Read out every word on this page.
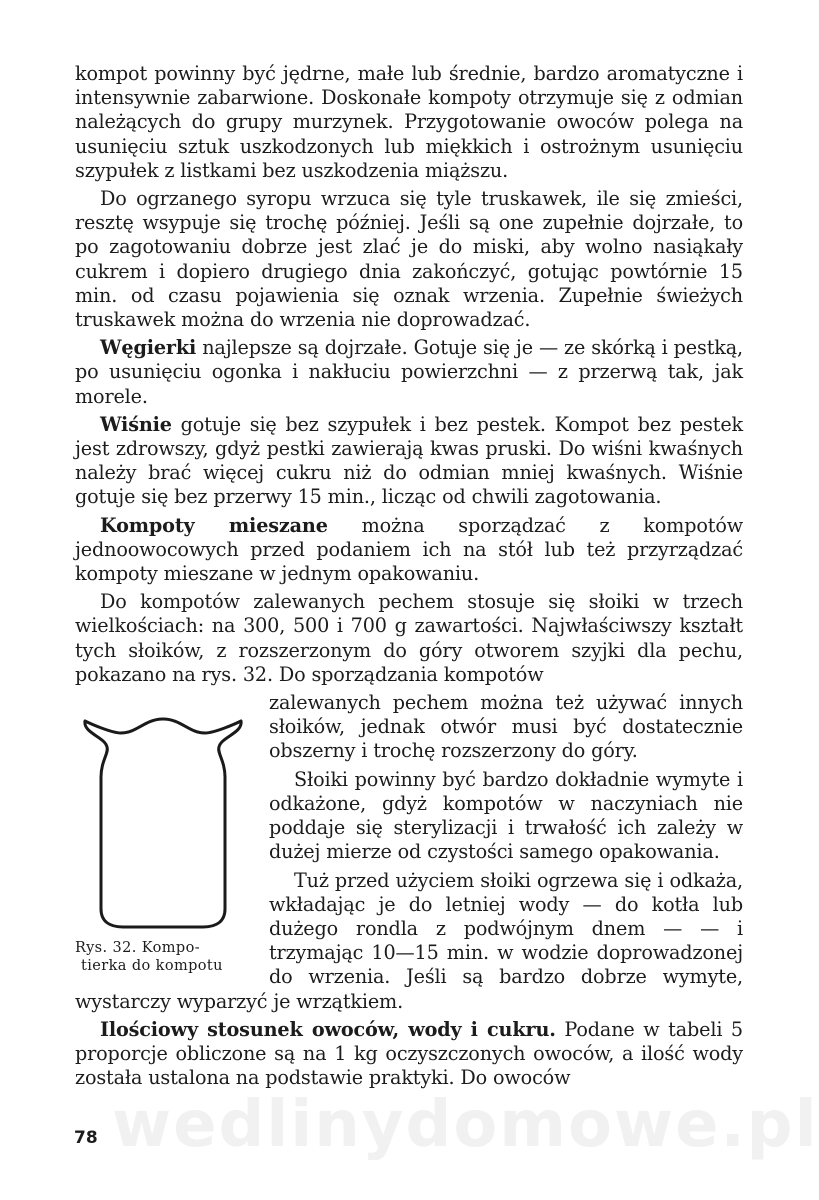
wedlinydomowe.pl

kompot powinny być jędrne, małe lub średnie, bardzo aromatyczne i intensywnie zabarwione. Doskonałe kompoty otrzymuje się z odmian należących do grupy murzynek. Przygotowanie owoców polega na usunięciu sztuk uszkodzonych lub miękkich i ostrożnym usunięciu szypułek z listkami bez uszkodzenia miąższu.

Do ogrzanego syropu wrzuca się tyle truskawek, ile się zmieści, resztę wsypuje się trochę później. Jeśli są one zupełnie dojrzałe, to po zagotowaniu dobrze jest zlać je do miski, aby wolno nasiąkały cukrem i dopiero drugiego dnia zakończyć, gotując powtórnie 15 min. od czasu pojawienia się oznak wrzenia. Zupełnie świeżych truskawek można do wrzenia nie doprowadzać.

Węgierki najlepsze są dojrzałe. Gotuje się je — ze skórką i pestką, po usunięciu ogonka i nakłuciu powierzchni — z przerwą tak, jak morele.

Wiśnie gotuje się bez szypułek i bez pestek. Kompot bez pestek jest zdrowszy, gdyż pestki zawierają kwas pruski. Do wiśni kwaśnych należy brać więcej cukru niż do odmian mniej kwaśnych. Wiśnie gotuje się bez przerwy 15 min., licząc od chwili zagotowania.

Kompoty mieszane można sporządzać z kompotów jednoowocowych przed podaniem ich na stół lub też przyrządzać kompoty mieszane w jednym opakowaniu.

Do kompotów zalewanych pechem stosuje się słoiki w trzech wielkościach: na 300, 500 i 700 g zawartości. Najwłaściwszy kształt tych słoików, z rozszerzonym do góry otworem szyjki dla pechu, pokazano na rys. 32. Do sporządzania kompotów

Rys. 32. Kompo-
tierka do kompotu

zalewanych pechem można też używać innych słoików, jednak otwór musi być dostatecznie obszerny i trochę rozszerzony do góry.

Słoiki powinny być bardzo dokładnie wymyte i odkażone, gdyż kompotów w naczyniach nie poddaje się sterylizacji i trwałość ich zależy w dużej mierze od czystości samego opakowania.

Tuż przed użyciem słoiki ogrzewa się i odkaża, wkładając je do letniej wody — do kotła lub dużego rondla z podwójnym dnem — — i trzymając 10—15 min. w wodzie doprowadzonej do wrzenia. Jeśli są bardzo dobrze wymyte, wystarczy wyparzyć je wrzątkiem.

Ilościowy stosunek owoców, wody i cukru. Podane w tabeli 5 proporcje obliczone są na 1 kg oczyszczonych owoców, a ilość wody została ustalona na podstawie praktyki. Do owoców

78
